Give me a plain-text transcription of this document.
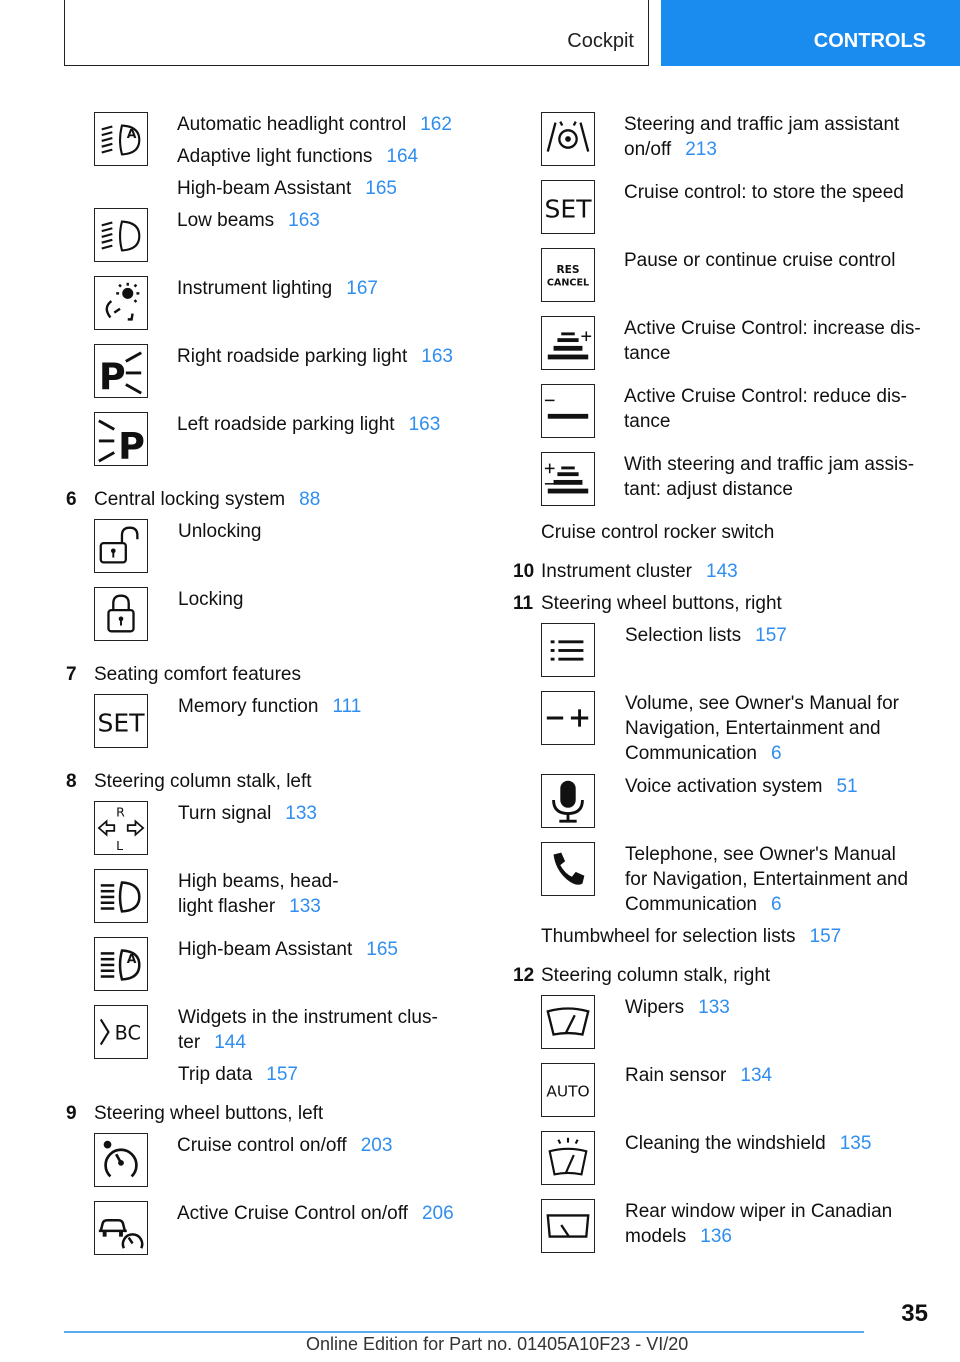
Cockpit	CONTROLS
A Automatic headlight control 162
Adaptive light functions 164
High-beam Assistant 165
Low beams 163
Instrument lighting 167
P	Right roadside parking light 163
P
Left roadside parking light 163
6 Central locking system 88
Unlocking
Locking
7 Seating comfort features
SET
Memory function 111
8 Steering column stalk, left
R
L
Turn signal 133
High beams, head-
light flasher 133
A High-beam Assistant 165
BC
Widgets in the instrument clus-
ter 144
Trip data 157
9 Steering wheel buttons, left
Cruise control on/off 203
Active Cruise Control on/off 206
Steering and traffic jam assistant
on/off 213
SET
Cruise control: to store the speed
RES
CANCEL
Pause or continue cruise control
Active Cruise Control: increase dis-
tance
Active Cruise Control: reduce dis-
tance
With steering and traffic jam assis-
tant: adjust distance
Cruise control rocker switch
10 Instrument cluster 143
11 Steering wheel buttons, right
Selection lists 157
Volume, see Owner's Manual for
Navigation, Entertainment and
Communication 6
Voice activation system 51
Telephone, see Owner's Manual
for Navigation, Entertainment and
Communication 6
Thumbwheel for selection lists 157
12 Steering column stalk, right
Wipers 133
AUTO
Rain sensor 134
Cleaning the windshield 135
Rear window wiper in Canadian
models 136
35
Online Edition for Part no. 01405A10F23 - VI/20
